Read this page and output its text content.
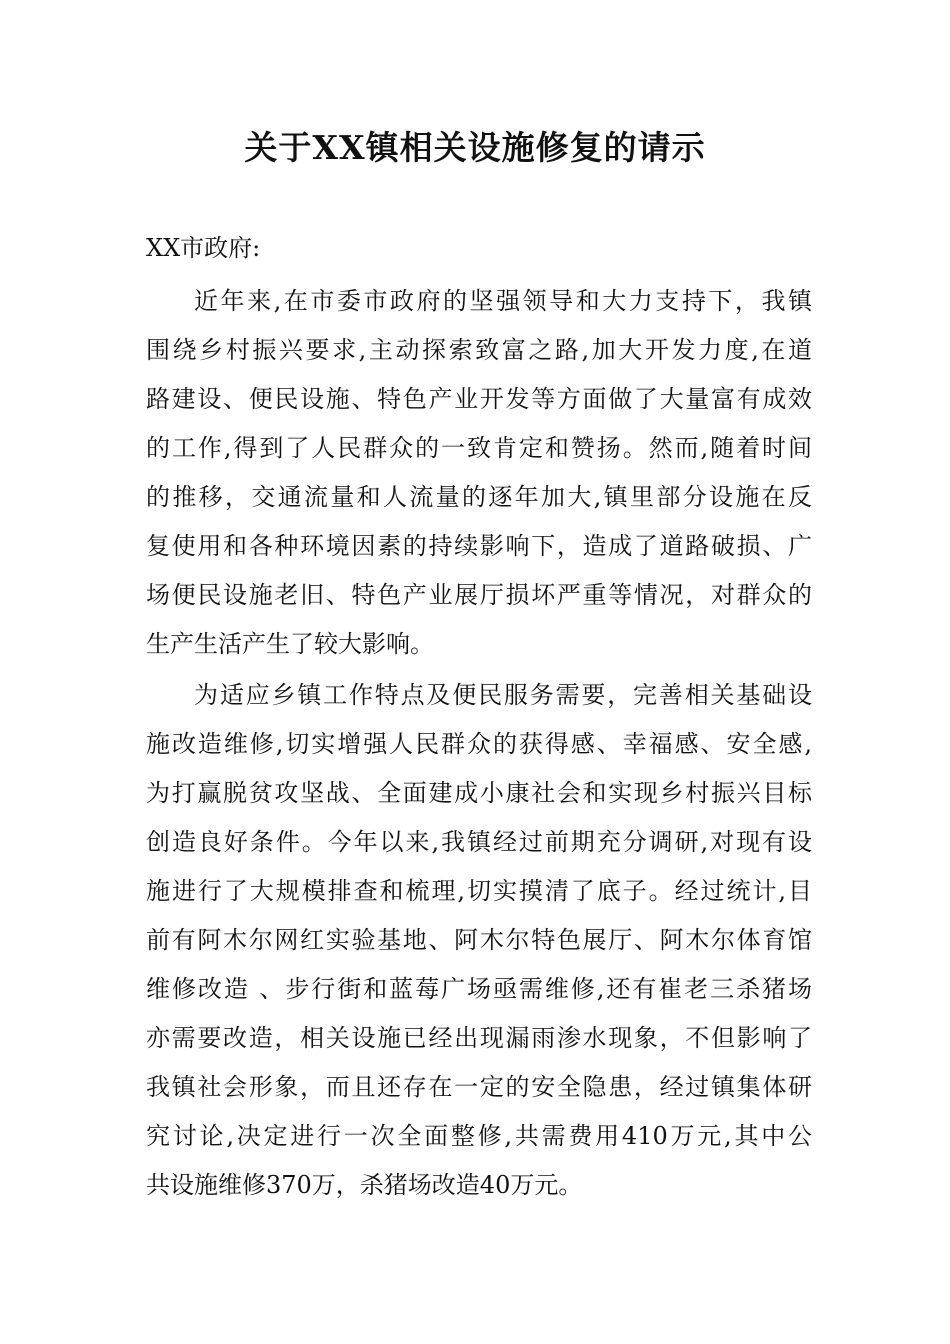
关于XX镇相关设施修复的请示

XX市政府:

近年来,在市委市政府的坚强领导和大力支持下，我镇
围绕乡村振兴要求,主动探索致富之路,加大开发力度,在道
路建设、便民设施、特色产业开发等方面做了大量富有成效
的工作,得到了人民群众的一致肯定和赞扬。然而,随着时间
的推移，交通流量和人流量的逐年加大,镇里部分设施在反
复使用和各种环境因素的持续影响下，造成了道路破损、广
场便民设施老旧、特色产业展厅损坏严重等情况，对群众的
生产生活产生了较大影响。
为适应乡镇工作特点及便民服务需要，完善相关基础设
施改造维修,切实增强人民群众的获得感、幸福感、安全感,
为打赢脱贫攻坚战、全面建成小康社会和实现乡村振兴目标
创造良好条件。今年以来,我镇经过前期充分调研,对现有设
施进行了大规模排查和梳理,切实摸清了底子。经过统计,目
前有阿木尔网红实验基地、阿木尔特色展厅、阿木尔体育馆
维修改造 、步行街和蓝莓广场亟需维修,还有崔老三杀猪场
亦需要改造，相关设施已经出现漏雨渗水现象，不但影响了
我镇社会形象，而且还存在一定的安全隐患，经过镇集体研
究讨论,决定进行一次全面整修,共需费用410万元,其中公
共设施维修370万，杀猪场改造40万元。
